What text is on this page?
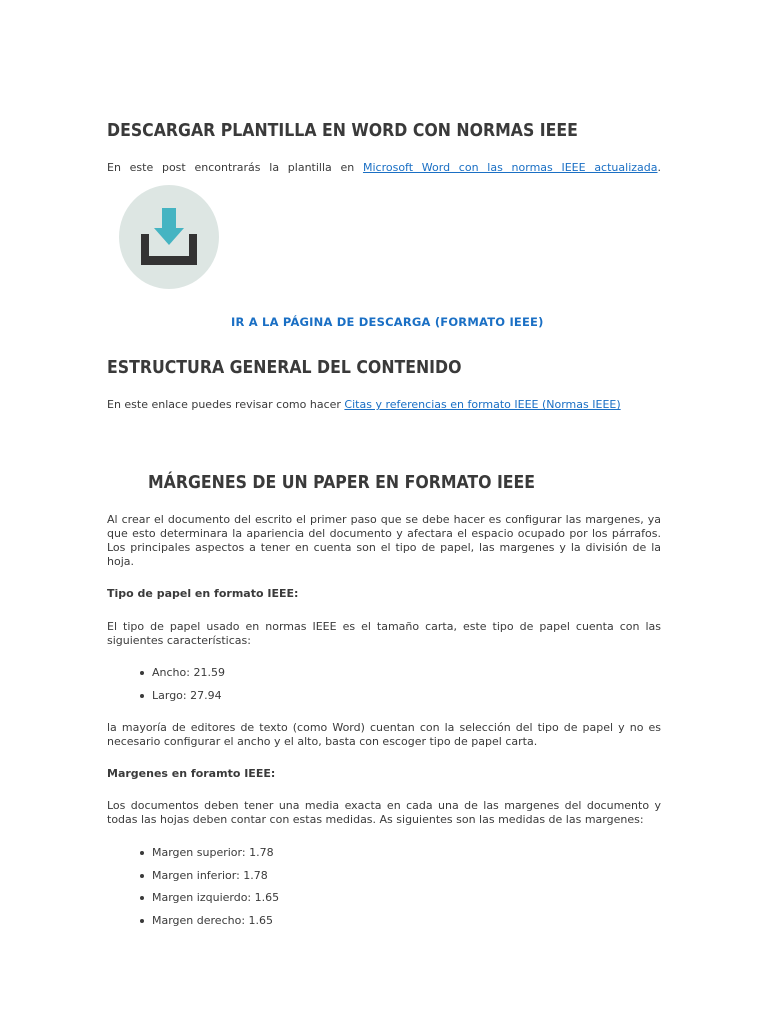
DESCARGAR PLANTILLA EN WORD CON NORMAS IEEE

En este post encontrarás la plantilla en Microsoft Word con las normas IEEE actualizada.

IR A LA PÁGINA DE DESCARGA (FORMATO IEEE)
ESTRUCTURA GENERAL DEL CONTENIDO

En este enlace puedes revisar como hacer Citas y referencias en formato IEEE (Normas IEEE)

MÁRGENES DE UN PAPER EN FORMATO IEEE

Al crear el documento del escrito el primer paso que se debe hacer es configurar las margenes, ya que esto determinara la apariencia del documento y afectara el espacio ocupado por los párrafos. Los principales aspectos a tener en cuenta son el tipo de papel, las margenes y la división de la hoja.

Tipo de papel en formato IEEE:

El tipo de papel usado en normas IEEE es el tamaño carta, este tipo de papel cuenta con las siguientes características:

Ancho: 21.59
Largo: 27.94

la mayoría de editores de texto (como Word) cuentan con la selección del tipo de papel y no es necesario configurar el ancho y el alto, basta con escoger tipo de papel carta.

Margenes en foramto IEEE:

Los documentos deben tener una media exacta en cada una de las margenes del documento y todas las hojas deben contar con estas medidas. As siguientes son las medidas de las margenes:

Margen superior: 1.78
Margen inferior: 1.78
Margen izquierdo: 1.65
Margen derecho: 1.65
